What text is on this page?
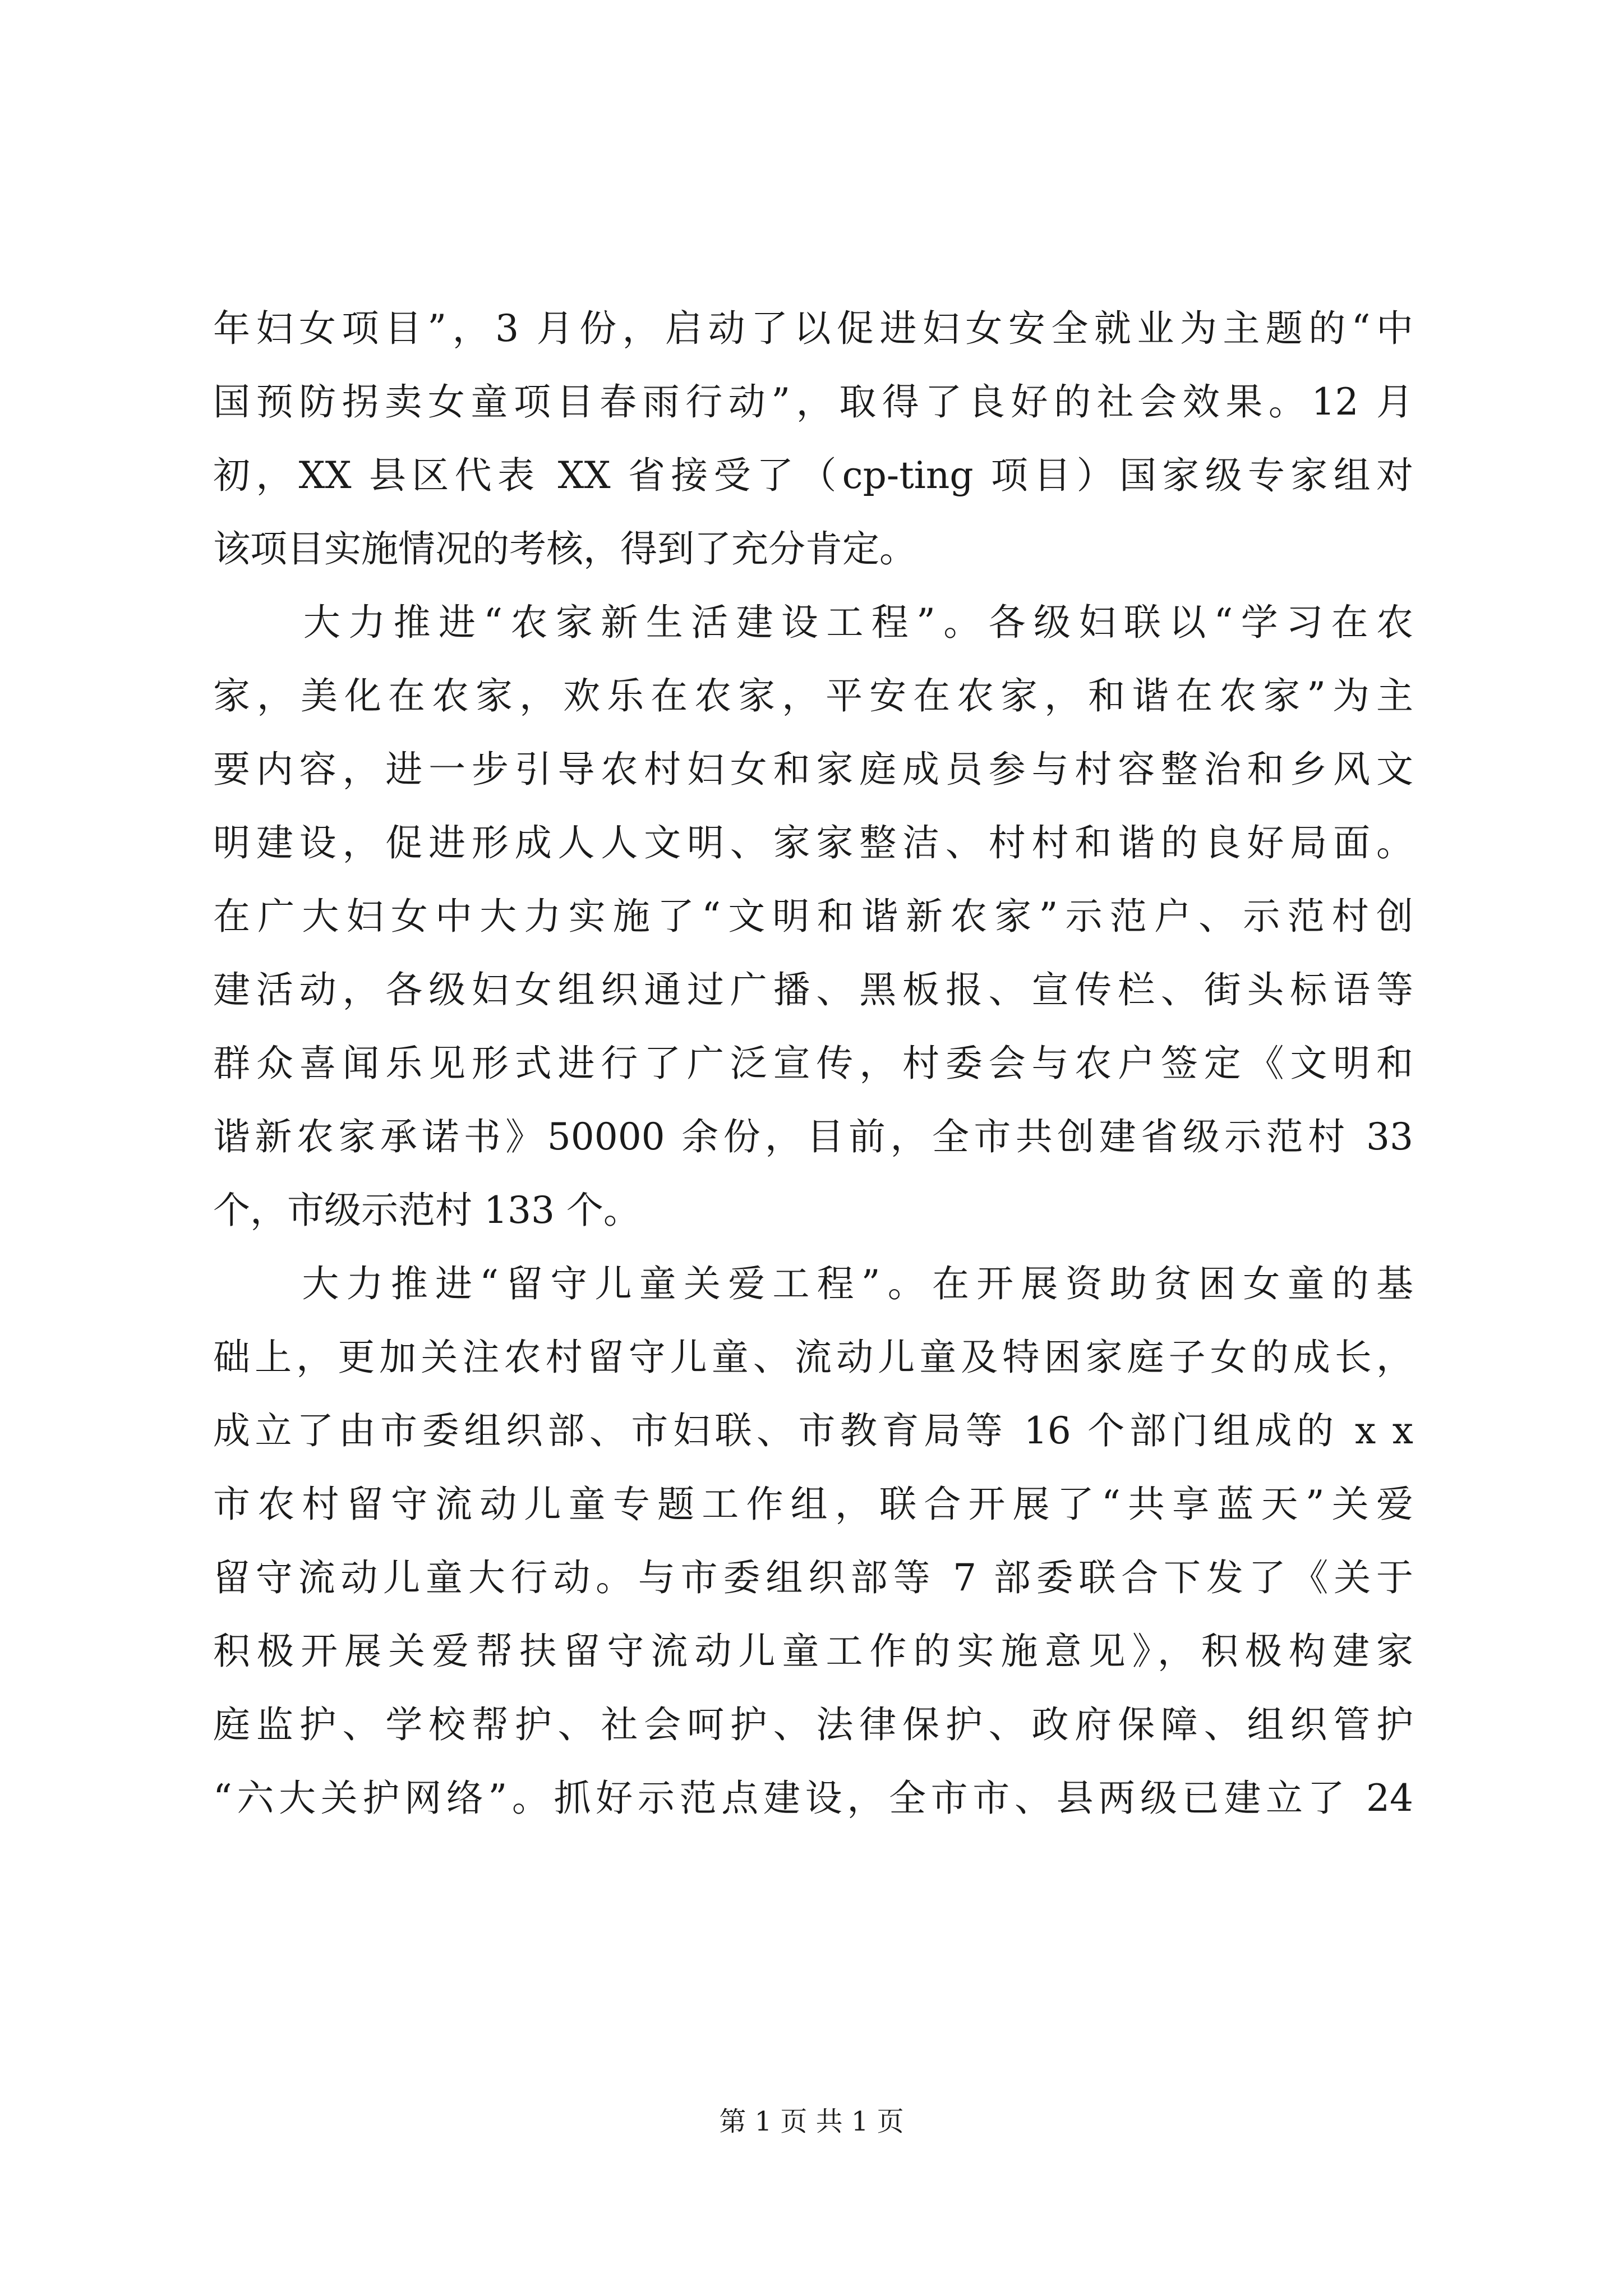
年妇女项目”，3 月份，启动了以促进妇女安全就业为主题的“中
国预防拐卖女童项目春雨行动”，取得了良好的社会效果。12 月
初，XX 县区代表 XX 省接受了（cp-ting 项目）国家级专家组对
该项目实施情况的考核，得到了充分肯定。
　　大力推进“农家新生活建设工程”。各级妇联以“学习在农
家，美化在农家，欢乐在农家，平安在农家，和谐在农家”为主
要内容，进一步引导农村妇女和家庭成员参与村容整治和乡风文
明建设，促进形成人人文明、家家整洁、村村和谐的良好局面。
在广大妇女中大力实施了“文明和谐新农家”示范户、示范村创
建活动，各级妇女组织通过广播、黑板报、宣传栏、街头标语等
群众喜闻乐见形式进行了广泛宣传，村委会与农户签定《文明和
谐新农家承诺书》50000 余份，目前，全市共创建省级示范村 33
个，市级示范村 133 个。
　　大力推进“留守儿童关爱工程”。在开展资助贫困女童的基
础上，更加关注农村留守儿童、流动儿童及特困家庭子女的成长，
成立了由市委组织部、市妇联、市教育局等 16 个部门组成的 x x
市农村留守流动儿童专题工作组，联合开展了“共享蓝天”关爱
留守流动儿童大行动。与市委组织部等 7 部委联合下发了《关于
积极开展关爱帮扶留守流动儿童工作的实施意见》，积极构建家
庭监护、学校帮护、社会呵护、法律保护、政府保障、组织管护
“六大关护网络”。抓好示范点建设，全市市、县两级已建立了 24
第 1 页 共 1 页
